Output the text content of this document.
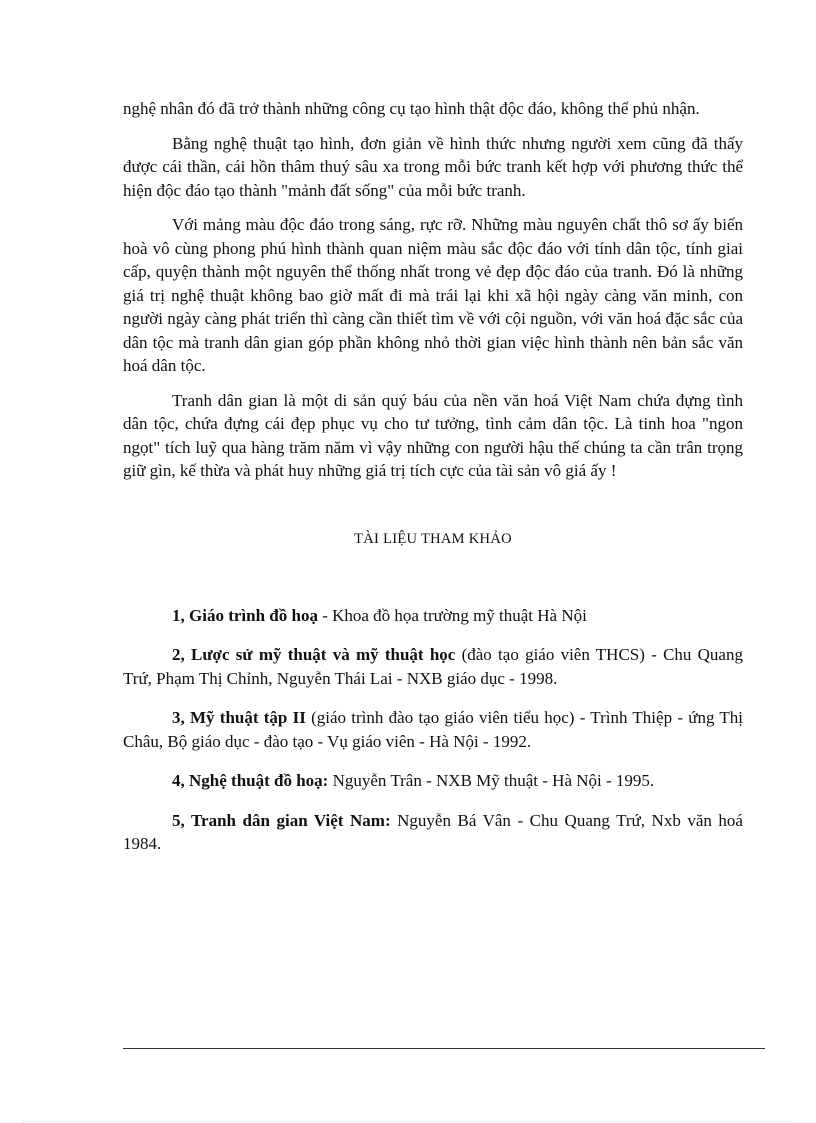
nghệ nhân đó đã trở thành những công cụ tạo hình thật độc đáo, không thể phủ nhận.

Bằng nghệ thuật tạo hình, đơn giản về hình thức nhưng người xem cũng đã thấy được cái thần, cái hồn thâm thuý sâu xa trong mỗi bức tranh kết hợp với phương thức thể hiện độc đáo tạo thành "mảnh đất sống" của mỗi bức tranh.

Với mảng màu độc đáo trong sáng, rực rỡ. Những màu nguyên chất thô sơ ấy biến hoà vô cùng phong phú hình thành quan niệm màu sắc độc đáo với tính dân tộc, tính giai cấp, quyện thành một nguyên thể thống nhất trong vẻ đẹp độc đáo của tranh. Đó là những giá trị nghệ thuật không bao giờ mất đi mà trái lại khi xã hội ngày càng văn minh, con người ngày càng phát triển thì càng cần thiết tìm về với cội nguồn, với văn hoá đặc sắc của dân tộc mà tranh dân gian góp phần không nhỏ thời gian việc hình thành nên bản sắc văn hoá dân tộc.

Tranh dân gian là một di sản quý báu của nền văn hoá Việt Nam chứa đựng tình dân tộc, chứa đựng cái đẹp phục vụ cho tư tưởng, tình cảm dân tộc. Là tinh hoa "ngon ngọt" tích luỹ qua hàng trăm năm vì vậy những con người hậu thế chúng ta cần trân trọng giữ gìn, kế thừa và phát huy những giá trị tích cực của tài sản vô giá ấy !

TÀI LIỆU THAM KHẢO

1, Giáo trình đồ hoạ - Khoa đồ họa trường mỹ thuật Hà Nội

2, Lược sử mỹ thuật và mỹ thuật học (đào tạo giáo viên THCS) - Chu Quang Trứ, Phạm Thị Chỉnh, Nguyễn Thái Lai - NXB giáo dục - 1998.

3, Mỹ thuật tập II (giáo trình đào tạo giáo viên tiểu học) - Trình Thiệp - ứng Thị Châu, Bộ giáo dục - đào tạo - Vụ giáo viên - Hà Nội - 1992.

4, Nghệ thuật đồ hoạ: Nguyễn Trân - NXB Mỹ thuật - Hà Nội - 1995.

5, Tranh dân gian Việt Nam: Nguyễn Bá Vân - Chu Quang Trứ, Nxb văn hoá 1984.
